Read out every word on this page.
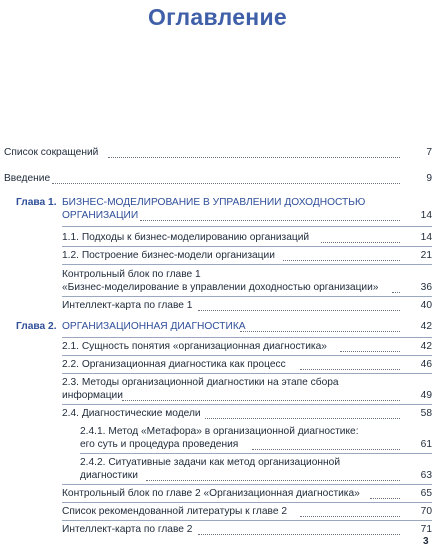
Оглавление
Список сокращений	7
Введение	9
Глава 1. БИЗНЕС-МОДЕЛИРОВАНИЕ В УПРАВЛЕНИИ ДОХОДНОСТЬЮ
ОРГАНИЗАЦИИ	14
1.1. Подходы к бизнес-моделированию организаций	14
1.2. Построение бизнес-модели организации	21
Контрольный блок по главе 1
«Бизнес-моделирование в управлении доходностью организации»	36
Интеллект-карта по главе 1	40
Глава 2. ОРГАНИЗАЦИОННАЯ ДИАГНОСТИКА	42
2.1. Сущность понятия «организационная диагностика»	42
2.2. Организационная диагностика как процесс	46
2.3. Методы организационной диагностики на этапе сбора
информации	49
2.4. Диагностические модели	58
2.4.1. Метод «Метафора» в организационной диагностике:
его суть и процедура проведения	61
2.4.2. Ситуативные задачи как метод организационной
диагностики	63
Контрольный блок по главе 2 «Организационная диагностика»	65
Список рекомендованной литературы к главе 2	70
Интеллект-карта по главе 2	71
3
